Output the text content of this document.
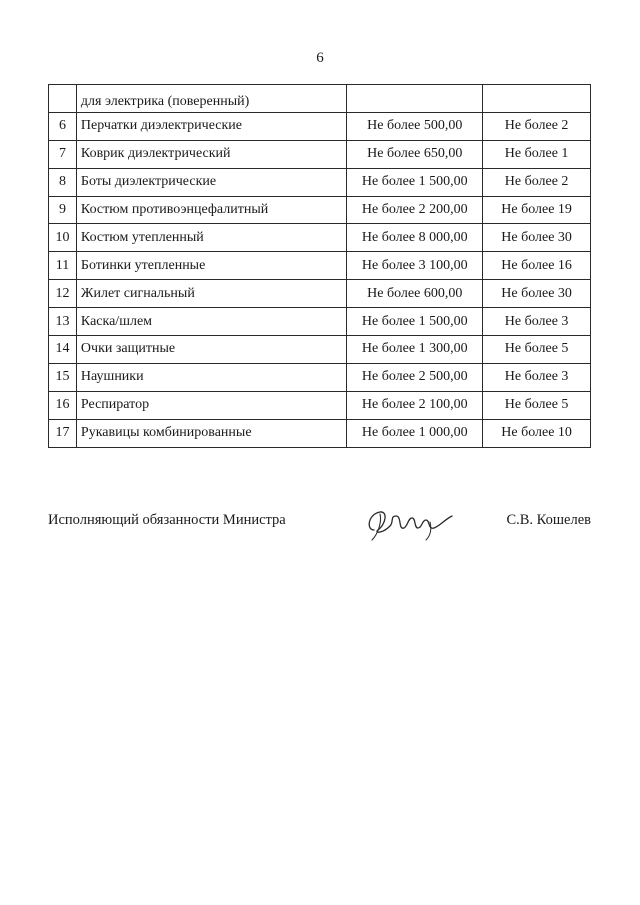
6
	для электрика (поверенный)		
6	Перчатки диэлектрические	Не более 500,00	Не более 2
7	Коврик диэлектрический	Не более 650,00	Не более 1
8	Боты диэлектрические	Не более 1 500,00	Не более 2
9	Костюм противоэнцефалитный	Не более 2 200,00	Не более 19
10	Костюм утепленный	Не более 8 000,00	Не более 30
11	Ботинки утепленные	Не более 3 100,00	Не более 16
12	Жилет сигнальный	Не более 600,00	Не более 30
13	Каска/шлем	Не более 1 500,00	Не более 3
14	Очки защитные	Не более 1 300,00	Не более 5
15	Наушники	Не более 2 500,00	Не более 3
16	Респиратор	Не более 2 100,00	Не более 5
17	Рукавицы комбинированные	Не более 1 000,00	Не более 10
Исполняющий обязанности Министра	С.В. Кошелев
